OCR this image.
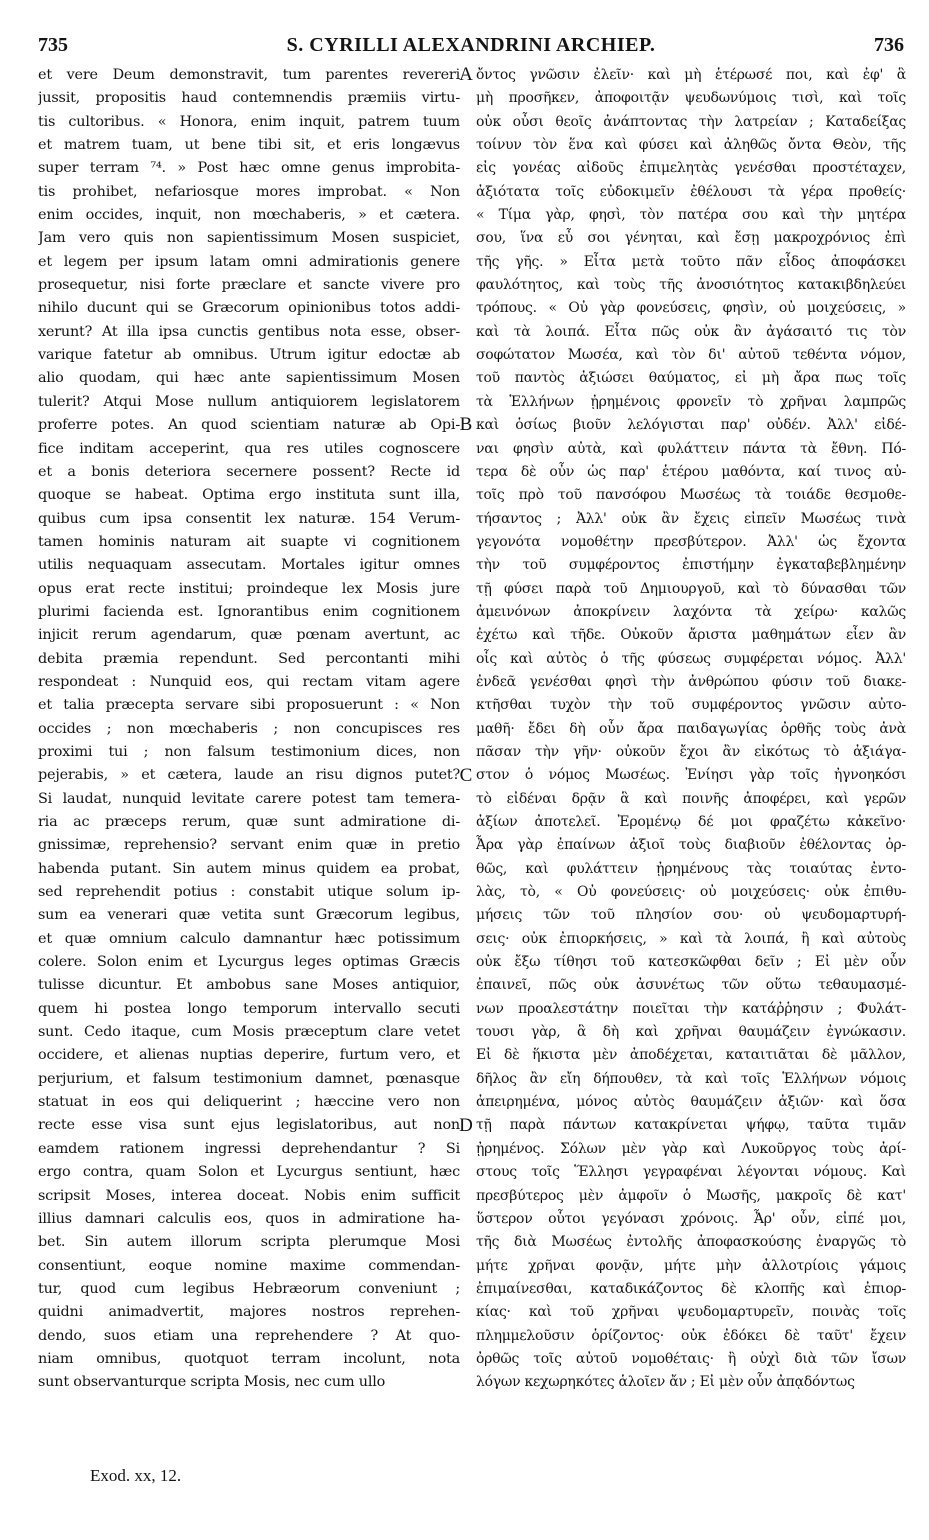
735	S. CYRILLI ALEXANDRINI ARCHIEP.	736
et vere Deum demonstravit, tum parentes revereri
jussit, propositis haud contemnendis præmiis virtu-
tis cultoribus. « Honora, enim inquit, patrem tuum
et matrem tuam, ut bene tibi sit, et eris longævus
super terram ⁷⁴. » Post hæc omne genus improbita-
tis prohibet, nefariosque mores improbat. « Non
enim occides, inquit, non mœchaberis, » et cætera.
Jam vero quis non sapientissimum Mosen suspiciet,
et legem per ipsum latam omni admirationis genere
prosequetur, nisi forte præclare et sancte vivere pro
nihilo ducunt qui se Græcorum opinionibus totos addi-
xerunt? At illa ipsa cunctis gentibus nota esse, obser-
varique fatetur ab omnibus. Utrum igitur edoctæ ab
alio quodam, qui hæc ante sapientissimum Mosen
tulerit? Atqui Mose nullum antiquiorem legislatorem
proferre potes. An quod scientiam naturæ ab Opi-
fice inditam acceperint, qua res utiles cognoscere
et a bonis deteriora secernere possent? Recte id
quoque se habeat. Optima ergo instituta sunt illa,
quibus cum ipsa consentit lex naturæ. 154 Verum-
tamen hominis naturam ait suapte vi cognitionem
utilis nequaquam assecutam. Mortales igitur omnes
opus erat recte institui; proindeque lex Mosis jure
plurimi facienda est. Ignorantibus enim cognitionem
injicit rerum agendarum, quæ pœnam avertunt, ac
debita præmia rependunt. Sed percontanti mihi
respondeat : Nunquid eos, qui rectam vitam agere
et talia præcepta servare sibi proposuerunt : « Non
occides ; non mœchaberis ; non concupisces res
proximi tui ; non falsum testimonium dices, non
pejerabis, » et cætera, laude an risu dignos putet?
Si laudat, nunquid levitate carere potest tam temera-
ria ac præceps rerum, quæ sunt admiratione di-
gnissimæ, reprehensio? servant enim quæ in pretio
habenda putant. Sin autem minus quidem ea probat,
sed reprehendit potius : constabit utique solum ip-
sum ea venerari quæ vetita sunt Græcorum legibus,
et quæ omnium calculo damnantur hæc potissimum
colere. Solon enim et Lycurgus leges optimas Græcis
tulisse dicuntur. Et ambobus sane Moses antiquior,
quem hi postea longo temporum intervallo secuti
sunt. Cedo itaque, cum Mosis præceptum clare vetet
occidere, et alienas nuptias deperire, furtum vero, et
perjurium, et falsum testimonium damnet, pœnasque
statuat in eos qui deliquerint ; hæccine vero non
recte esse visa sunt ejus legislatoribus, aut non
eamdem rationem ingressi deprehendantur ? Si
ergo contra, quam Solon et Lycurgus sentiunt, hæc
scripsit Moses, interea doceat. Nobis enim sufficit
illius damnari calculis eos, quos in admiratione ha-
bet. Sin autem illorum scripta plerumque Mosi
consentiunt, eoque nomine maxime commendan-
tur, quod cum legibus Hebræorum conveniunt ;
quidni animadvertit, majores nostros reprehen-
dendo, suos etiam una reprehendere ? At quo-
niam omnibus, quotquot terram incolunt, nota
sunt observanturque scripta Mosis, nec cum ullo
ὄντος γνῶσιν ἐλεῖν· καὶ μὴ ἑτέρωσέ ποι, καὶ ἐφ' ἃ
μὴ προσῆκεν, ἀποφοιτᾷν ψευδωνύμοις τισὶ, καὶ τοῖς
οὐκ οὖσι θεοῖς ἀνάπτοντας τὴν λατρείαν ; Καταδείξας
τοίνυν τὸν ἕνα καὶ φύσει καὶ ἀληθῶς ὄντα Θεὸν, τῆς
εἰς γονέας αἰδοῦς ἐπιμελητὰς γενέσθαι προστέταχεν,
ἀξιότατα τοῖς εὐδοκιμεῖν ἐθέλουσι τὰ γέρα προθείς·
« Τίμα γὰρ, φησὶ, τὸν πατέρα σου καὶ τὴν μητέρα
σου, ἵνα εὖ σοι γένηται, καὶ ἔσῃ μακροχρόνιος ἐπὶ
τῆς γῆς. » Εἶτα μετὰ τοῦτο πᾶν εἶδος ἀποφάσκει
φαυλότητος, καὶ τοὺς τῆς ἀνοσιότητος κατακιβδηλεύει
τρόπους. « Οὐ γὰρ φονεύσεις, φησὶν, οὐ μοιχεύσεις, »
καὶ τὰ λοιπά. Εἶτα πῶς οὐκ ἂν ἀγάσαιτό τις τὸν
σοφώτατον Μωσέα, καὶ τὸν δι' αὐτοῦ τεθέντα νόμον,
τοῦ παντὸς ἀξιώσει θαύματος, εἰ μὴ ἄρα πως τοῖς
τὰ Ἑλλήνων ᾐρημένοις φρονεῖν τὸ χρῆναι λαμπρῶς
καὶ ὁσίως βιοῦν λελόγισται παρ' οὐδέν. Ἀλλ' εἰδέ-
ναι φησὶν αὐτὰ, καὶ φυλάττειν πάντα τὰ ἔθνη. Πό-
τερα δὲ οὖν ὡς παρ' ἑτέρου μαθόντα, καί τινος αὐ-
τοῖς πρὸ τοῦ πανσόφου Μωσέως τὰ τοιάδε θεσμοθε-
τήσαντος ; Ἀλλ' οὐκ ἂν ἔχεις εἰπεῖν Μωσέως τινὰ
γεγονότα νομοθέτην πρεσβύτερον. Ἀλλ' ὡς ἔχοντα
τὴν τοῦ συμφέροντος ἐπιστήμην ἐγκαταβεβλημένην
τῇ φύσει παρὰ τοῦ Δημιουργοῦ, καὶ τὸ δύνασθαι τῶν
ἀμεινόνων ἀποκρίνειν λαχόντα τὰ χείρω· καλῶς
ἐχέτω καὶ τῆδε. Οὐκοῦν ἄριστα μαθημάτων εἶεν ἂν
οἷς καὶ αὐτὸς ὁ τῆς φύσεως συμφέρεται νόμος. Ἀλλ'
ἐνδεᾶ γενέσθαι φησὶ τὴν ἀνθρώπου φύσιν τοῦ διακε-
κτῆσθαι τυχὸν τὴν τοῦ συμφέροντος γνῶσιν αὐτο-
μαθῆ· ἔδει δὴ οὖν ἄρα παιδαγωγίας ὀρθῆς τοὺς ἀνὰ
πᾶσαν τὴν γῆν· οὐκοῦν ἔχοι ἂν εἰκότως τὸ ἀξιάγα-
στον ὁ νόμος Μωσέως. Ἐνίησι γὰρ τοῖς ἠγνοηκόσι
τὸ εἰδέναι δρᾷν ἃ καὶ ποινῆς ἀποφέρει, καὶ γερῶν
ἀξίων ἀποτελεῖ. Ἐρομένῳ δέ μοι φραζέτω κἀκεῖνο·
Ἆρα γὰρ ἐπαίνων ἀξιοῖ τοὺς διαβιοῦν ἐθέλοντας ὀρ-
θῶς, καὶ φυλάττειν ᾐρημένους τὰς τοιαύτας ἐντο-
λὰς, τὸ, « Οὐ φονεύσεις· οὐ μοιχεύσεις· οὐκ ἐπιθυ-
μήσεις τῶν τοῦ πλησίον σου· οὐ ψευδομαρτυρή-
σεις· οὐκ ἐπιορκήσεις, » καὶ τὰ λοιπά, ἢ καὶ αὐτοὺς
οὐκ ἔξω τίθησι τοῦ κατεσκῶφθαι δεῖν ; Εἰ μὲν οὖν
ἐπαινεῖ, πῶς οὐκ ἀσυνέτως τῶν οὕτω τεθαυμασμέ-
νων προαλεστάτην ποιεῖται τὴν κατάῤῥησιν ; Φυλάτ-
τουσι γὰρ, ἃ δὴ καὶ χρῆναι θαυμάζειν ἐγνώκασιν.
Εἰ δὲ ἥκιστα μὲν ἀποδέχεται, καταιτιᾶται δὲ μᾶλλον,
δῆλος ἂν εἴη δήπουθεν, τὰ καὶ τοῖς Ἑλλήνων νόμοις
ἀπειρημένα, μόνος αὐτὸς θαυμάζειν ἀξιῶν· καὶ ὅσα
τῇ παρὰ πάντων κατακρίνεται ψήφῳ, ταῦτα τιμᾶν
ᾐρημένος. Σόλων μὲν γὰρ καὶ Λυκοῦργος τοὺς ἀρί-
στους τοῖς Ἕλλησι γεγραφέναι λέγονται νόμους. Καὶ
πρεσβύτερος μὲν ἀμφοῖν ὁ Μωσῆς, μακροῖς δὲ κατ'
ὕστερον οὗτοι γεγόνασι χρόνοις. Ἆρ' οὖν, εἰπέ μοι,
τῆς διὰ Μωσέως ἐντολῆς ἀποφασκούσης ἐναργῶς τὸ
μήτε χρῆναι φονᾷν, μήτε μὴν ἀλλοτρίοις γάμοις
ἐπιμαίνεσθαι, καταδικάζοντος δὲ κλοπῆς καὶ ἐπιορ-
κίας· καὶ τοῦ χρῆναι ψευδομαρτυρεῖν, ποινὰς τοῖς
πλημμελοῦσιν ὁρίζοντος· οὐκ ἐδόκει δὲ ταῦτ' ἔχειν
ὀρθῶς τοῖς αὐτοῦ νομοθέταις· ἢ οὐχὶ διὰ τῶν ἴσων
λόγων κεχωρηκότες ἁλοῖεν ἄν ; Εἰ μὲν οὖν ἀπᾳδόντως
A
B
C
D
Exod. xx, 12.
